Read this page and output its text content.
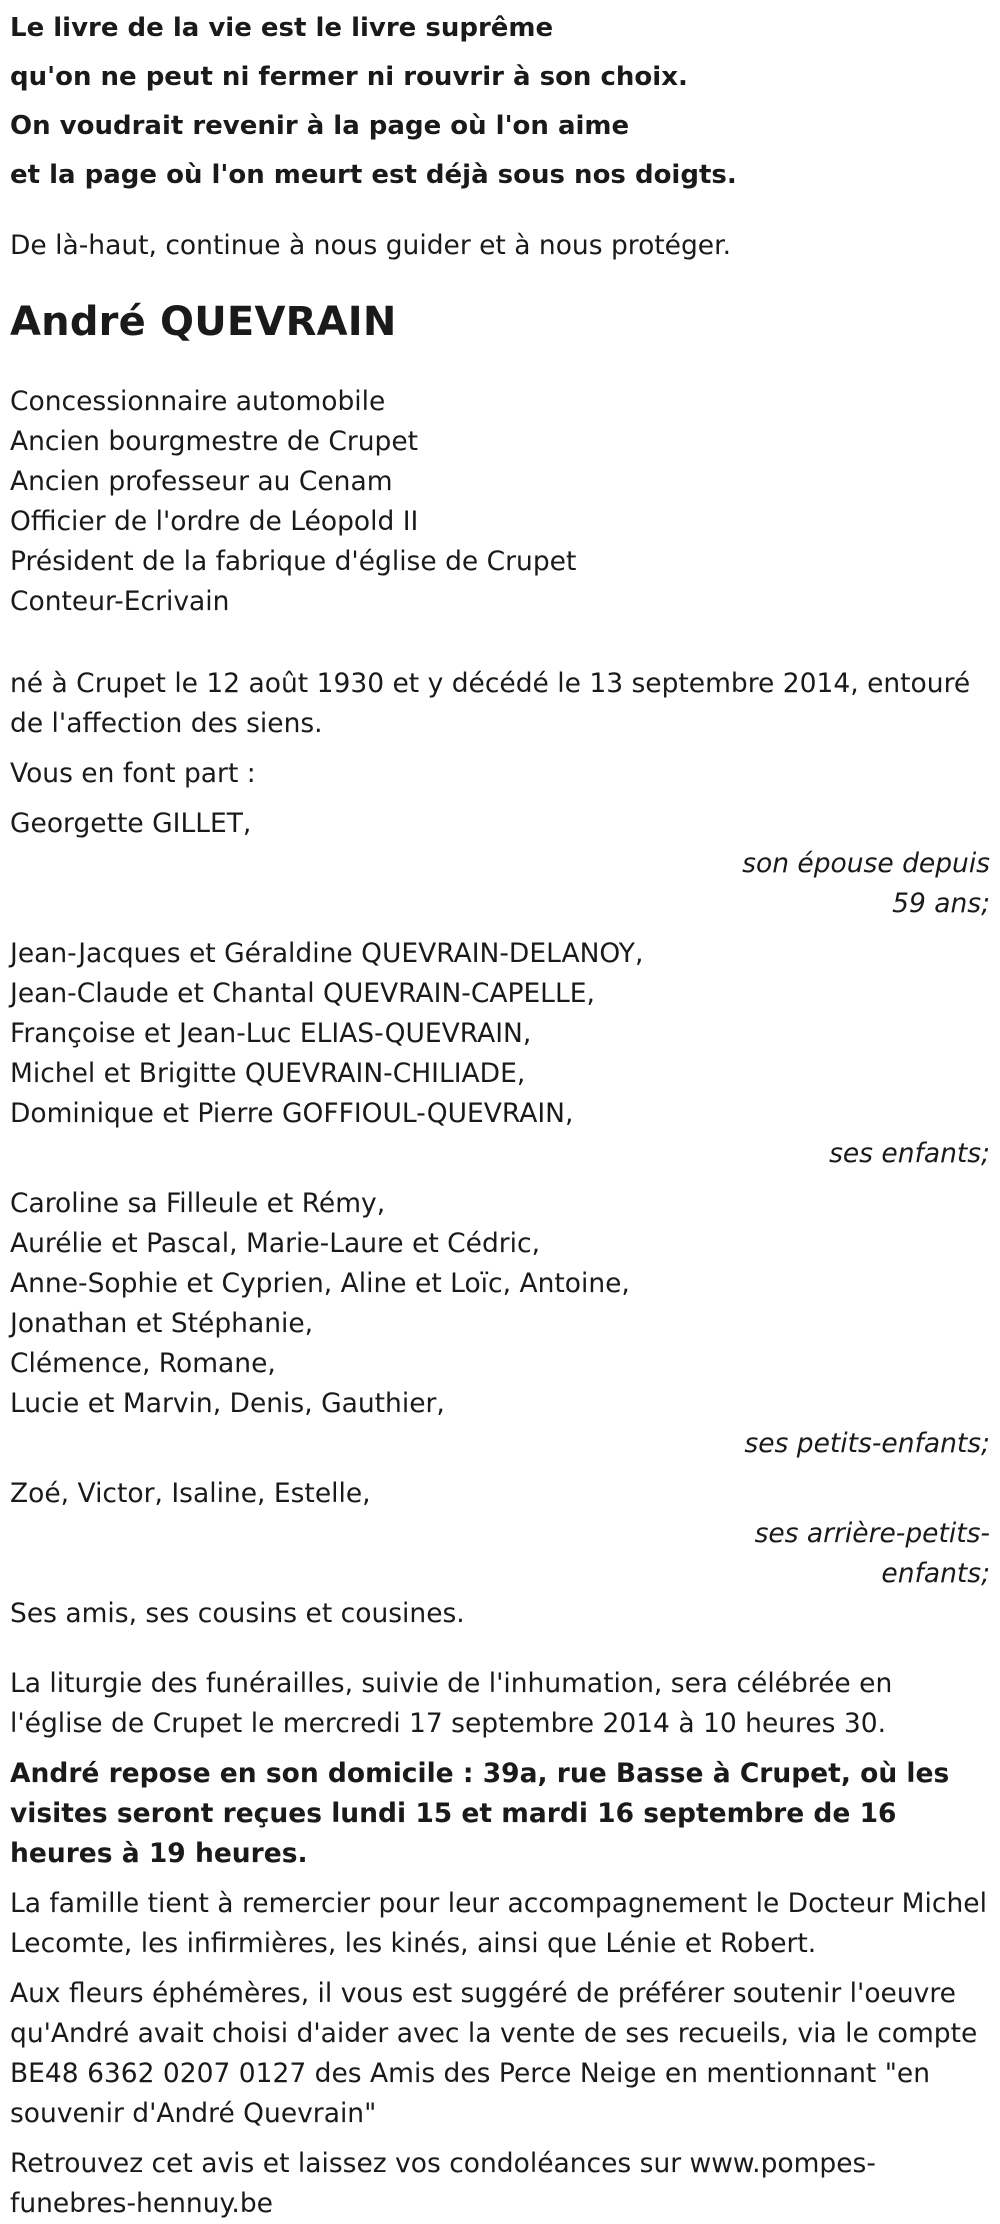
Le livre de la vie est le livre suprême
qu'on ne peut ni fermer ni rouvrir à son choix.
On voudrait revenir à la page où l'on aime
et la page où l'on meurt est déjà sous nos doigts.
De là-haut, continue à nous guider et à nous protéger.
André QUEVRAIN
Concessionnaire automobile
Ancien bourgmestre de Crupet
Ancien professeur au Cenam
Officier de l'ordre de Léopold II
Président de la fabrique d'église de Crupet
Conteur-Ecrivain
né à Crupet le 12 août 1930 et y décédé le 13 septembre 2014, entouré de l'affection des siens.
Vous en font part :
Georgette GILLET,
son épouse depuis
59 ans;
Jean-Jacques et Géraldine QUEVRAIN-DELANOY,
Jean-Claude et Chantal QUEVRAIN-CAPELLE,
Françoise et Jean-Luc ELIAS-QUEVRAIN,
Michel et Brigitte QUEVRAIN-CHILIADE,
Dominique et Pierre GOFFIOUL-QUEVRAIN,
ses enfants;
Caroline sa Filleule et Rémy,
Aurélie et Pascal, Marie-Laure et Cédric,
Anne-Sophie et Cyprien, Aline et Loïc, Antoine,
Jonathan et Stéphanie,
Clémence, Romane,
Lucie et Marvin, Denis, Gauthier,
ses petits-enfants;
Zoé, Victor, Isaline, Estelle,
ses arrière-petits-
enfants;
Ses amis, ses cousins et cousines.
La liturgie des funérailles, suivie de l'inhumation, sera célébrée en l'église de Crupet le mercredi 17 septembre 2014 à 10 heures 30.
André repose en son domicile : 39a, rue Basse à Crupet, où les visites seront reçues lundi 15 et mardi 16 septembre de 16 heures à 19 heures.
La famille tient à remercier pour leur accompagnement le Docteur Michel Lecomte, les infirmières, les kinés, ainsi que Lénie et Robert.
Aux fleurs éphémères, il vous est suggéré de préférer soutenir l'oeuvre qu'André avait choisi d'aider avec la vente de ses recueils, via le compte BE48 6362 0207 0127 des Amis des Perce Neige en mentionnant "en souvenir d'André Quevrain"
Retrouvez cet avis et laissez vos condoléances sur www.pompes-funebres-hennuy.be
